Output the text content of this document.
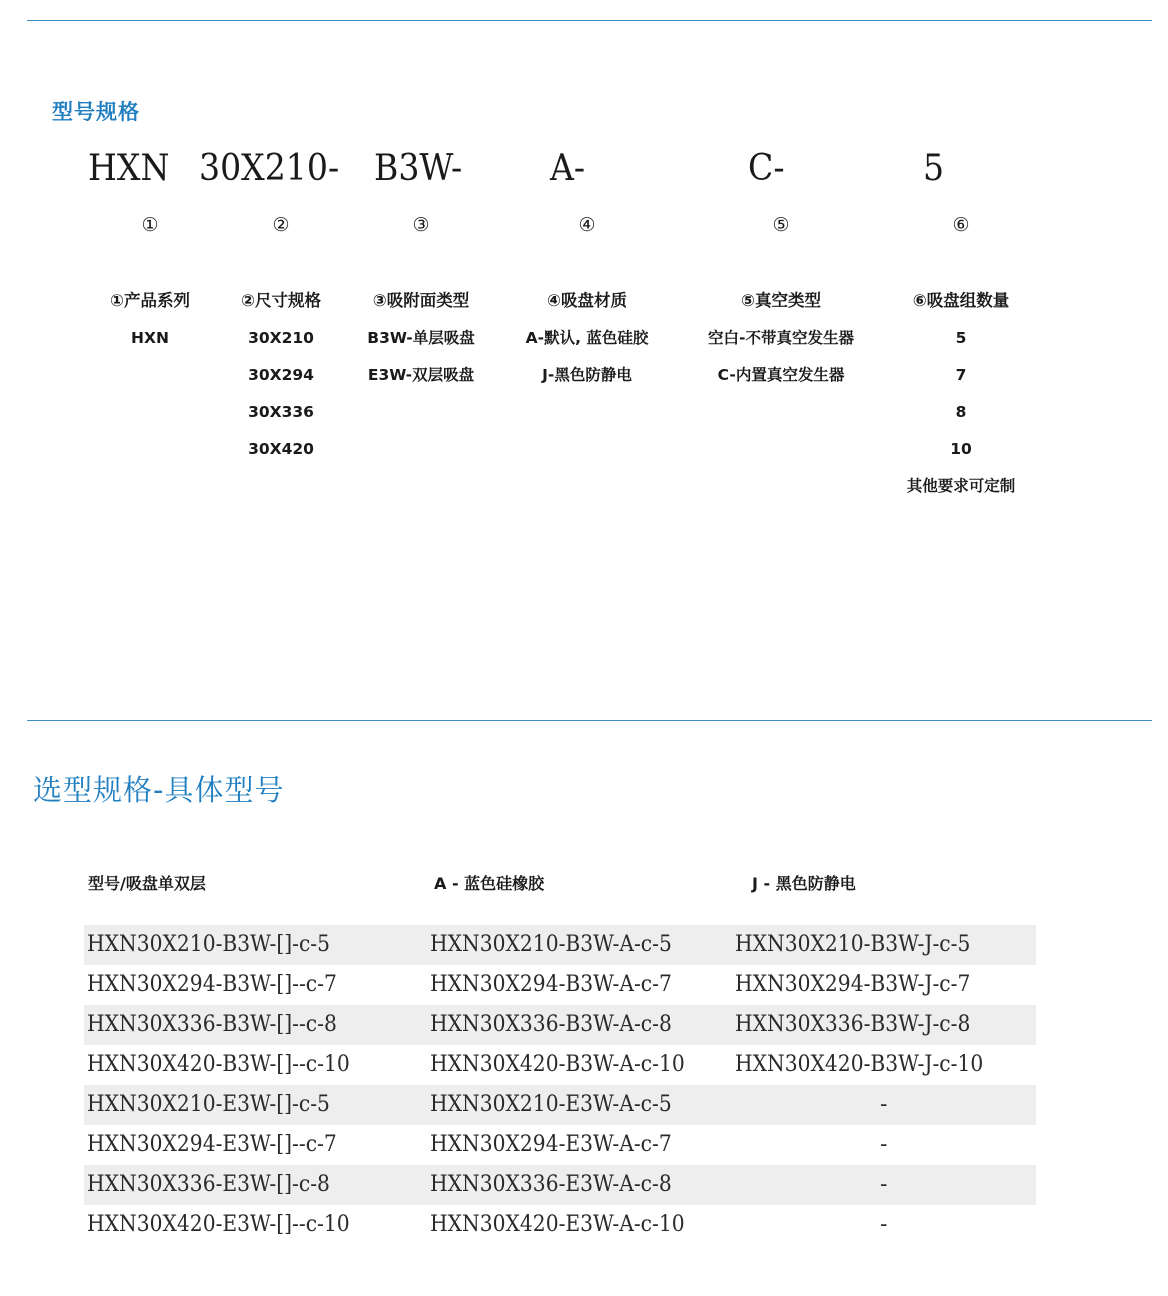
型号规格
HXN 30X210- B3W- A-	C-	5
①	②	③	④	⑤	⑥
①产品系列
HXN
②尺寸规格
30X210
30X294
30X336
30X420
③吸附面类型
B3W-单层吸盘
E3W-双层吸盘
④吸盘材质
A-默认, 蓝色硅胶
J-黑色防静电
⑤真空类型
空白-不带真空发生器
C-内置真空发生器
⑥吸盘组数量
5
7
8
10
其他要求可定制
选型规格-具体型号
型号/吸盘单双层	A - 蓝色硅橡胶	J - 黑色防静电
HXN30X210-B3W-[]-c-5	HXN30X210-B3W-A-c-5	HXN30X210-B3W-J-c-5
HXN30X294-B3W-[]--c-7	HXN30X294-B3W-A-c-7	HXN30X294-B3W-J-c-7
HXN30X336-B3W-[]--c-8	HXN30X336-B3W-A-c-8	HXN30X336-B3W-J-c-8
HXN30X420-B3W-[]--c-10	HXN30X420-B3W-A-c-10 HXN30X420-B3W-J-c-10
HXN30X210-E3W-[]-c-5	HXN30X210-E3W-A-c-5	-
HXN30X294-E3W-[]--c-7	HXN30X294-E3W-A-c-7	-
HXN30X336-E3W-[]-c-8	HXN30X336-E3W-A-c-8	-
HXN30X420-E3W-[]--c-10	HXN30X420-E3W-A-c-10	-
